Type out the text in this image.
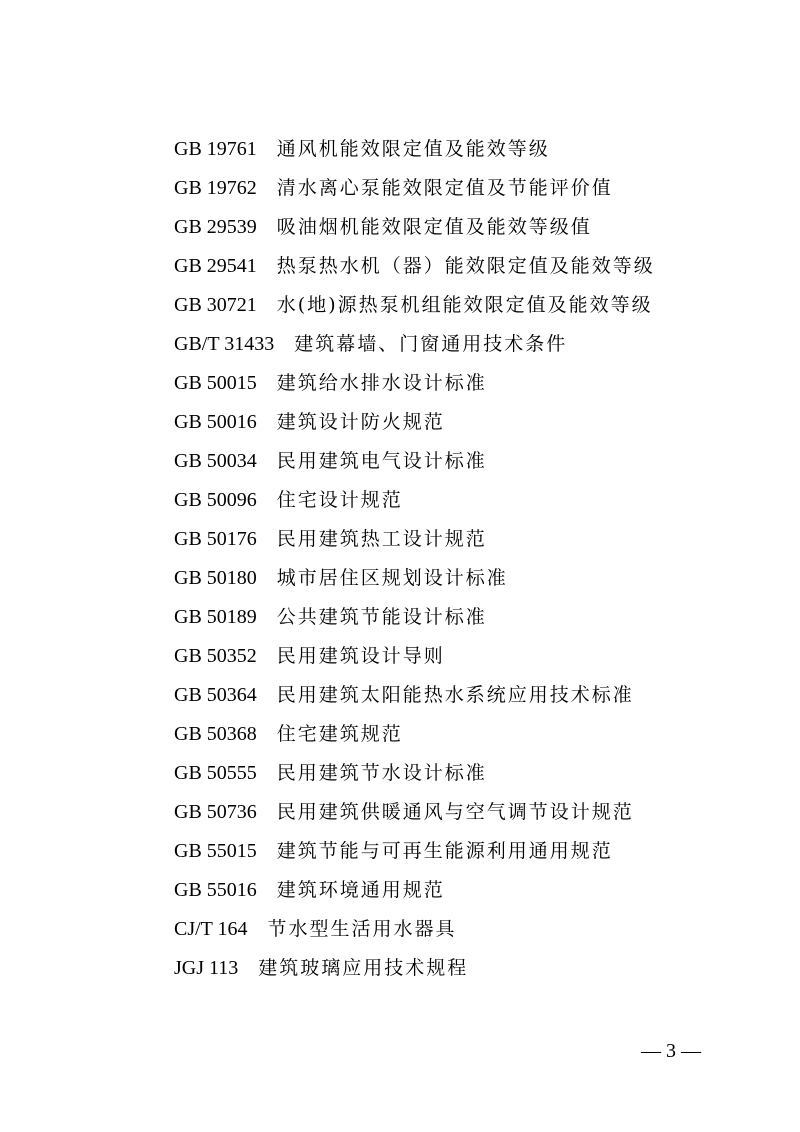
GB 19761 通风机能效限定值及能效等级
GB 19762 清水离心泵能效限定值及节能评价值
GB 29539 吸油烟机能效限定值及能效等级值
GB 29541 热泵热水机（器）能效限定值及能效等级
GB 30721 水(地)源热泵机组能效限定值及能效等级
GB/T 31433 建筑幕墙、门窗通用技术条件
GB 50015 建筑给水排水设计标准
GB 50016 建筑设计防火规范
GB 50034 民用建筑电气设计标准
GB 50096 住宅设计规范
GB 50176 民用建筑热工设计规范
GB 50180 城市居住区规划设计标准
GB 50189 公共建筑节能设计标准
GB 50352 民用建筑设计导则
GB 50364 民用建筑太阳能热水系统应用技术标准
GB 50368 住宅建筑规范
GB 50555 民用建筑节水设计标准
GB 50736 民用建筑供暖通风与空气调节设计规范
GB 55015 建筑节能与可再生能源利用通用规范
GB 55016 建筑环境通用规范
CJ/T 164 节水型生活用水器具
JGJ 113 建筑玻璃应用技术规程
— 3 —
